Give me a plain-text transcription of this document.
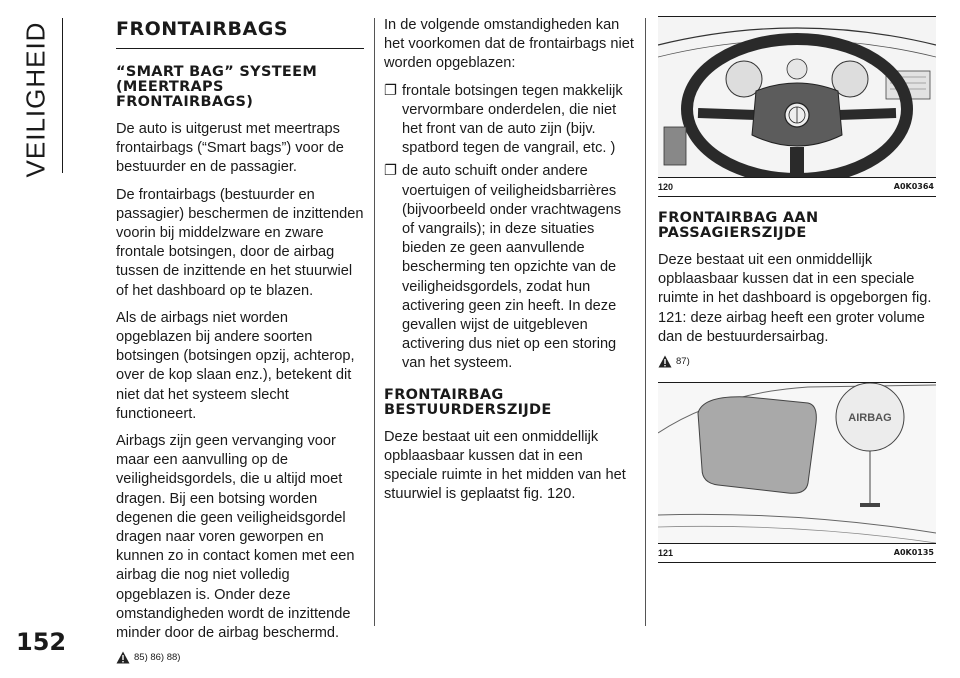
VEILIGHEID
152
FRONTAIRBAGS
“SMART BAG” SYSTEEM (MEERTRAPS FRONTAIRBAGS)

De auto is uitgerust met meertraps frontairbags (“Smart bags”) voor de bestuurder en de passagier.

De frontairbags (bestuurder en passagier) beschermen de inzittenden voorin bij middelzware en zware frontale botsingen, door de airbag tussen de inzittende en het stuurwiel of het dashboard op te blazen.

Als de airbags niet worden opgeblazen bij andere soorten botsingen (botsingen opzij, achterop, over de kop slaan enz.), betekent dit niet dat het systeem slecht functioneert.

Airbags zijn geen vervanging voor maar een aanvulling op de veiligheidsgordels, die u altijd moet dragen. Bij een botsing worden degenen die geen veiligheidsgordel dragen naar voren geworpen en kunnen zo in contact komen met een airbag die nog niet volledig opgeblazen is. Onder deze omstandigheden wordt de inzittende minder door de airbag beschermd.

85) 86) 88)

In de volgende omstandigheden kan het voorkomen dat de frontairbags niet worden opgeblazen:

❐ frontale botsingen tegen makkelijk vervormbare onderdelen, die niet het front van de auto zijn (bijv. spatbord tegen de vangrail, etc. )
❐ de auto schuift onder andere voertuigen of veiligheidsbarrières (bijvoorbeeld onder vrachtwagens of vangrails); in deze situaties bieden ze geen aanvullende bescherming ten opzichte van de veiligheidsgordels, zodat hun activering geen zin heeft. In deze gevallen wijst de uitgebleven activering dus niet op een storing van het systeem.
FRONTAIRBAG BESTUURDERSZIJDE

Deze bestaat uit een onmiddellijk opblaasbaar kussen dat in een speciale ruimte in het midden van het stuurwiel is geplaatst fig. 120.

120	A0K0364
FRONTAIRBAG AAN PASSAGIERSZIJDE

Deze bestaat uit een onmiddellijk opblaasbaar kussen dat in een speciale ruimte in het dashboard is opgeborgen fig. 121: deze airbag heeft een groter volume dan de bestuurdersairbag.

87)
AIRBAG
121	A0K0135
